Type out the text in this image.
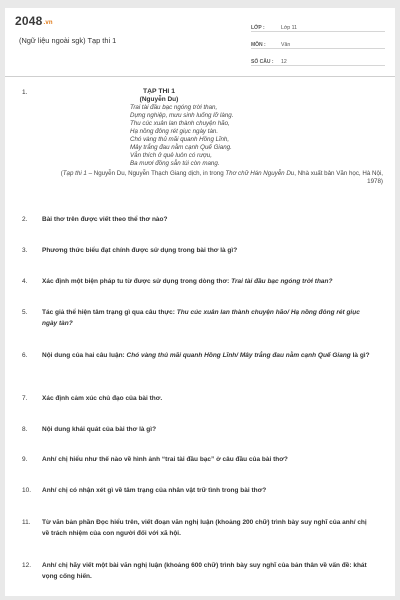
2048.vn
(Ngữ liệu ngoài sgk) Tạp thi 1
LỚP :	Lớp 11
MÔN :	Văn
SỐ CÂU :	12
1.	TẠP THI 1
(Nguyễn Du)
Trai tài đầu bạc ngóng trời than,
Dựng nghiệp, mưu sinh luống lỡ làng.
Thu cúc xuân lan thành chuyện hão,
Hạ nồng đông rét giục ngày tàn.
Chó vàng thủ mãi quanh Hồng Lĩnh,
Mây trắng đau nằm cạnh Quế Giang.
Vẫn thích ở quê luôn có rượu,
Ba mươi đồng sẵn túi còn mang.
(Tạp thi 1 – Nguyễn Du, Nguyễn Thạch Giang dịch, in trong Thơ chữ Hán Nguyễn Du, Nhà xuất bản Văn học, Hà Nội, 1978)
2. Bài thơ trên được viết theo thể thơ nào?
3. Phương thức biểu đạt chính được sử dụng trong bài thơ là gì?
4. Xác định một biện pháp tu từ được sử dụng trong dòng thơ: Trai tài đầu bạc ngóng trời than?
5. Tác giả thể hiện tâm trạng gì qua câu thực: Thu cúc xuân lan thành chuyện hão/ Hạ nồng đông rét giục ngày tàn?
6. Nội dung của hai câu luận: Chó vàng thủ mãi quanh Hồng Lĩnh/ Mây trắng đau nằm cạnh Quế Giang là gì?
7. Xác định cảm xúc chủ đạo của bài thơ.
8. Nội dung khái quát của bài thơ là gì?
9. Anh/ chị hiểu như thế nào về hình ảnh “trai tài đầu bạc” ở câu đầu của bài thơ?
10. Anh/ chị có nhận xét gì về tâm trạng của nhân vật trữ tình trong bài thơ?
11. Từ văn bản phần Đọc hiểu trên, viết đoạn văn nghị luận (khoảng 200 chữ) trình bày suy nghĩ của anh/ chị về trách nhiệm của con người đối với xã hội.
12. Anh/ chị hãy viết một bài văn nghị luận (khoảng 600 chữ) trình bày suy nghĩ của bản thân về vấn đề: khát vọng cống hiến.
